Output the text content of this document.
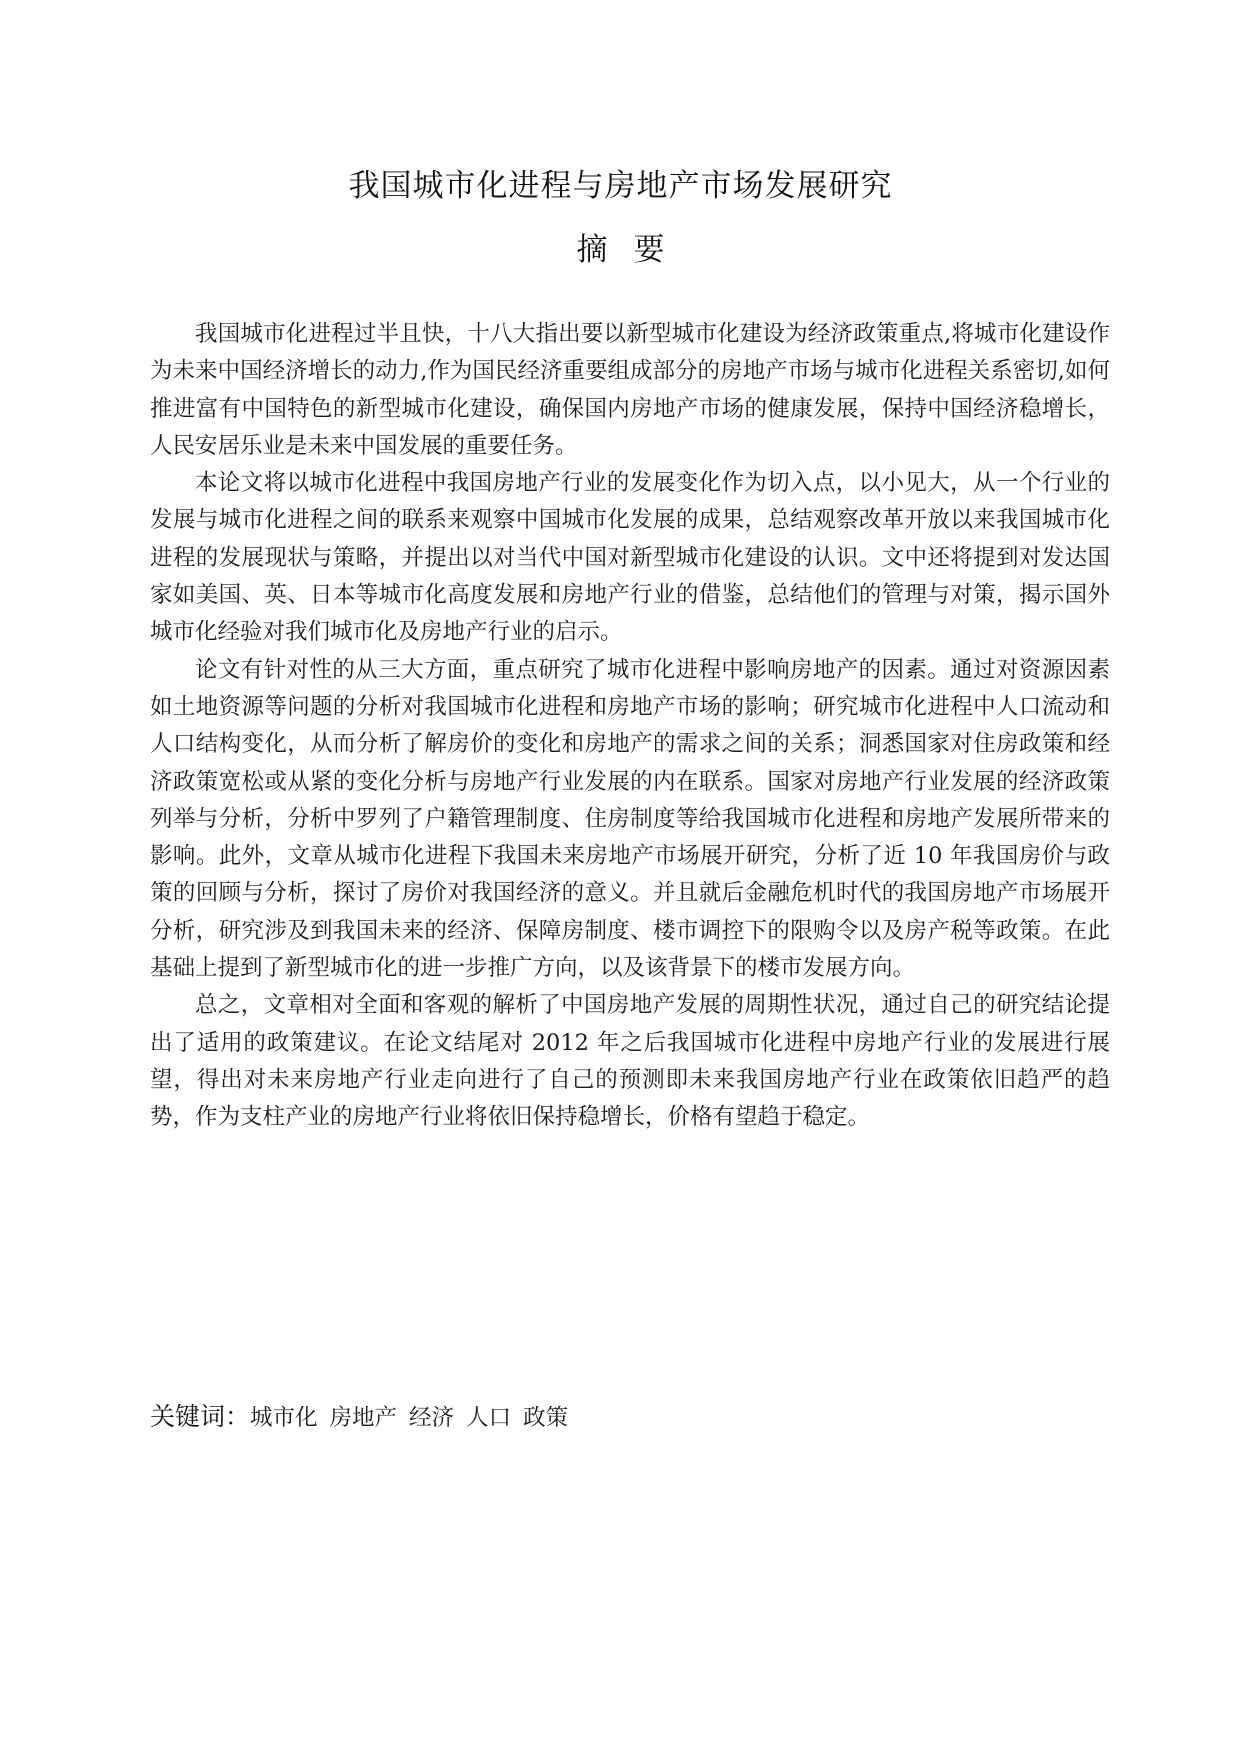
我国城市化进程与房地产市场发展研究
摘要

我国城市化进程过半且快，十八大指出要以新型城市化建设为经济政策重点,将城市化建设作为未来中国经济增长的动力,作为国民经济重要组成部分的房地产市场与城市化进程关系密切,如何推进富有中国特色的新型城市化建设，确保国内房地产市场的健康发展，保持中国经济稳增长，人民安居乐业是未来中国发展的重要任务。

本论文将以城市化进程中我国房地产行业的发展变化作为切入点，以小见大，从一个行业的发展与城市化进程之间的联系来观察中国城市化发展的成果，总结观察改革开放以来我国城市化进程的发展现状与策略，并提出以对当代中国对新型城市化建设的认识。文中还将提到对发达国家如美国、英、日本等城市化高度发展和房地产行业的借鉴，总结他们的管理与对策，揭示国外城市化经验对我们城市化及房地产行业的启示。

论文有针对性的从三大方面，重点研究了城市化进程中影响房地产的因素。通过对资源因素如土地资源等问题的分析对我国城市化进程和房地产市场的影响；研究城市化进程中人口流动和人口结构变化，从而分析了解房价的变化和房地产的需求之间的关系；洞悉国家对住房政策和经济政策宽松或从紧的变化分析与房地产行业发展的内在联系。国家对房地产行业发展的经济政策列举与分析，分析中罗列了户籍管理制度、住房制度等给我国城市化进程和房地产发展所带来的影响。此外，文章从城市化进程下我国未来房地产市场展开研究，分析了近 10 年我国房价与政策的回顾与分析，探讨了房价对我国经济的意义。并且就后金融危机时代的我国房地产市场展开分析，研究涉及到我国未来的经济、保障房制度、楼市调控下的限购令以及房产税等政策。在此基础上提到了新型城市化的进一步推广方向，以及该背景下的楼市发展方向。

总之，文章相对全面和客观的解析了中国房地产发展的周期性状况，通过自己的研究结论提出了适用的政策建议。在论文结尾对 2012 年之后我国城市化进程中房地产行业的发展进行展望，得出对未来房地产行业走向进行了自己的预测即未来我国房地产行业在政策依旧趋严的趋势，作为支柱产业的房地产行业将依旧保持稳增长，价格有望趋于稳定。

关键词：城市化 房地产 经济 人口 政策
